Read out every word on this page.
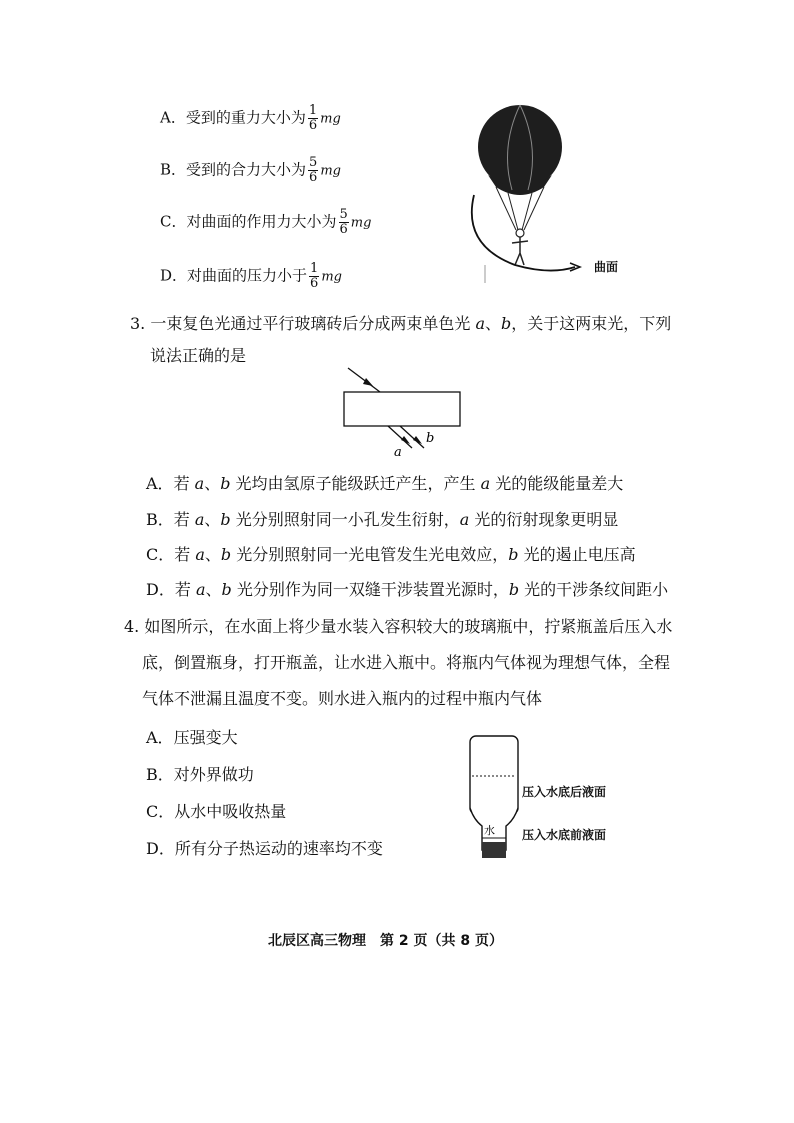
A．受到的重力大小为 $\frac{1}{6}$ mg
B．受到的合力大小为 $\frac{5}{6}$ mg
C．对曲面的作用力大小为 $\frac{5}{6}$ mg
D．对曲面的压力小于 $\frac{1}{6}$ mg
曲面
3. 一束复色光通过平行玻璃砖后分成两束单色光 a、b，关于这两束光，下列
说法正确的是
a
b
A．若 a、b 光均由氢原子能级跃迁产生，产生 a 光的能级能量差大
B．若 a、b 光分别照射同一小孔发生衍射，a 光的衍射现象更明显
C．若 a、b 光分别照射同一光电管发生光电效应，b 光的遏止电压高
D．若 a、b 光分别作为同一双缝干涉装置光源时，b 光的干涉条纹间距小
4. 如图所示，在水面上将少量水装入容积较大的玻璃瓶中，拧紧瓶盖后压入水
底，倒置瓶身，打开瓶盖，让水进入瓶中。将瓶内气体视为理想气体，全程
气体不泄漏且温度不变。则水进入瓶内的过程中瓶内气体
A．压强变大
B．对外界做功
C．从水中吸收热量
D．所有分子热运动的速率均不变
水
压入水底后液面
压入水底前液面
北辰区高三物理　第 2 页（共 8 页）
